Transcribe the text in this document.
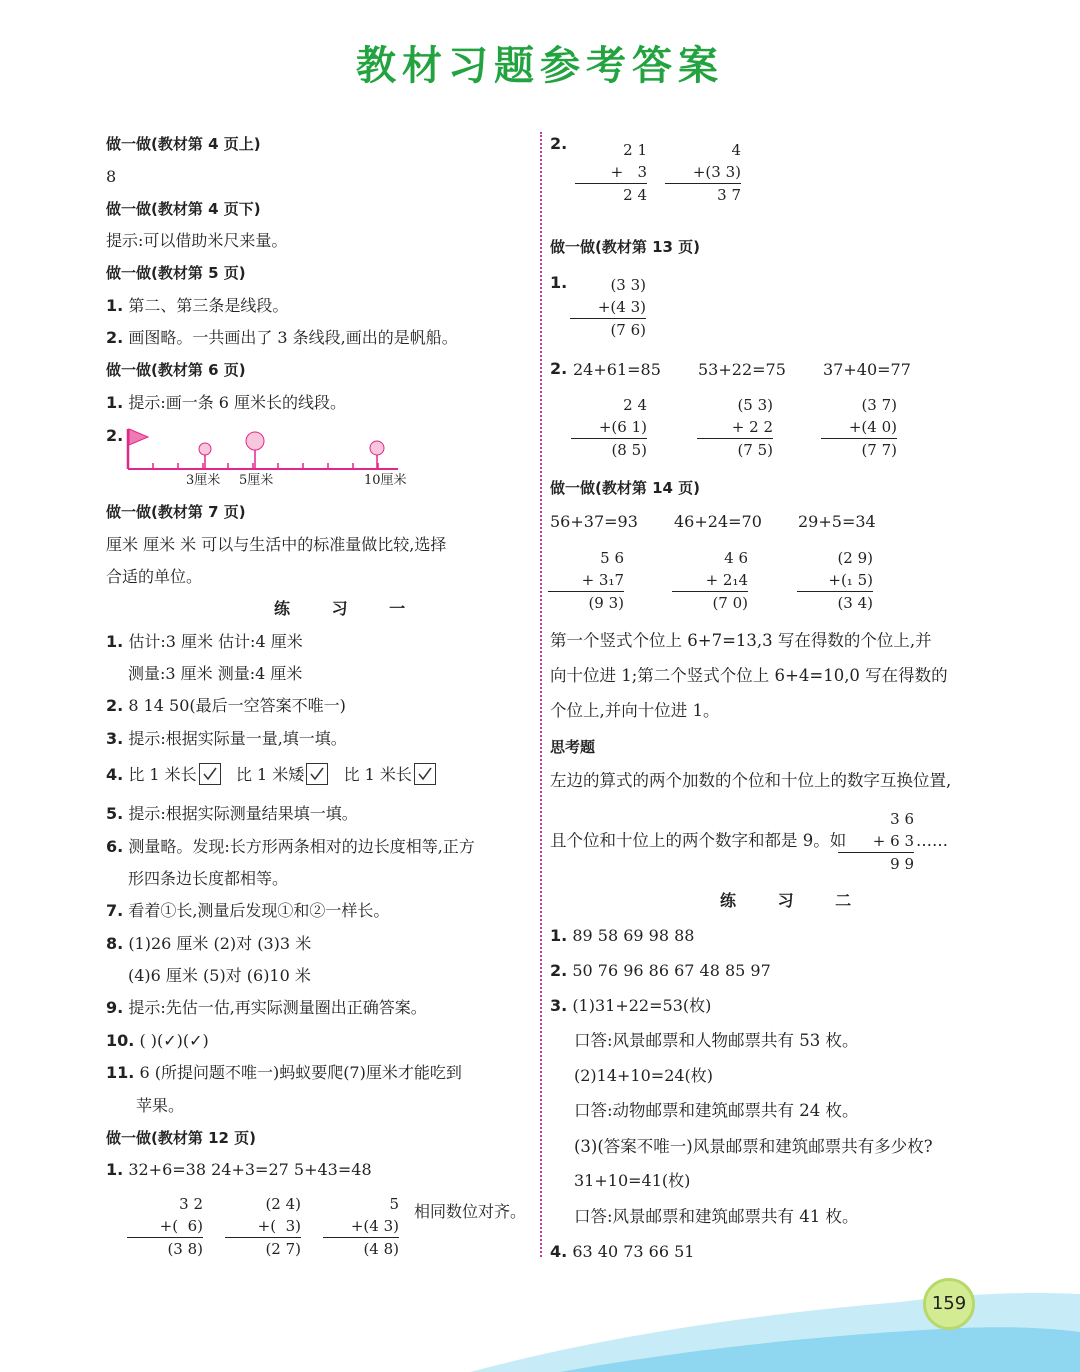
教材习题参考答案
做一做(教材第 4 页上)
8
做一做(教材第 4 页下)
提示:可以借助米尺来量。
做一做(教材第 5 页)
1. 第二、第三条是线段。
2. 画图略。一共画出了 3 条线段,画出的是帆船。
做一做(教材第 6 页)
1. 提示:画一条 6 厘米长的线段。
2.
3厘米 5厘米	10厘米
做一做(教材第 7 页)
厘米 厘米 米 可以与生活中的标准量做比较,选择
合适的单位。
练 习 一
1. 估计:3 厘米 估计:4 厘米
测量:3 厘米 测量:4 厘米
2. 8 14 50(最后一空答案不唯一)
3. 提示:根据实际量一量,填一填。
4. 比 1 米长 比 1 米矮 比 1 米长
5. 提示:根据实际测量结果填一填。
6. 测量略。发现:长方形两条相对的边长度相等,正方
形四条边长度都相等。
7. 看着①长,测量后发现①和②一样长。
8. (1)26 厘米 (2)对 (3)3 米
(4)6 厘米 (5)对 (6)10 米
9. 提示:先估一估,再实际测量圈出正确答案。
10. ( )(✓)(✓)
11. 6 (所提问题不唯一)蚂蚁要爬(7)厘米才能吃到
苹果。
做一做(教材第 12 页)
1. 32+6=38 24+3=27 5+43=48
3 2
+(  6)
(3 8)
(2 4)
+(  3)
(2 7)
5
+(4 3)
(4 8)
相同数位对齐。
2.	2 1
+   3
2 4
4
+(3 3)
3 7
做一做(教材第 13 页)
1.	(3 3)
+(4 3)
(7 6)
2. 24+61=85 53+22=75 37+40=77
2 4
+(6 1)
(8 5)
(5 3)
+ 2 2
(7 5)
(3 7)
+(4 0)
(7 7)
做一做(教材第 14 页)
56+37=93 46+24=70 29+5=34
5 6
+ 3₁7
(9 3)
4 6
+ 2₁4
(7 0)
(2 9)
+(₁ 5)
(3 4)
第一个竖式个位上 6+7=13,3 写在得数的个位上,并
向十位进 1;第二个竖式个位上 6+4=10,0 写在得数的
个位上,并向十位进 1。
思考题
左边的算式的两个加数的个位和十位上的数字互换位置,
且个位和十位上的两个数字和都是 9。如
3 6
+ 6 3
9 9
……
练 习 二
1. 89 58 69 98 88
2. 50 76 96 86 67 48 85 97
3. (1)31+22=53(枚)
口答:风景邮票和人物邮票共有 53 枚。
(2)14+10=24(枚)
口答:动物邮票和建筑邮票共有 24 枚。
(3)(答案不唯一)风景邮票和建筑邮票共有多少枚?
31+10=41(枚)
口答:风景邮票和建筑邮票共有 41 枚。
4. 63 40 73 66 51
159
